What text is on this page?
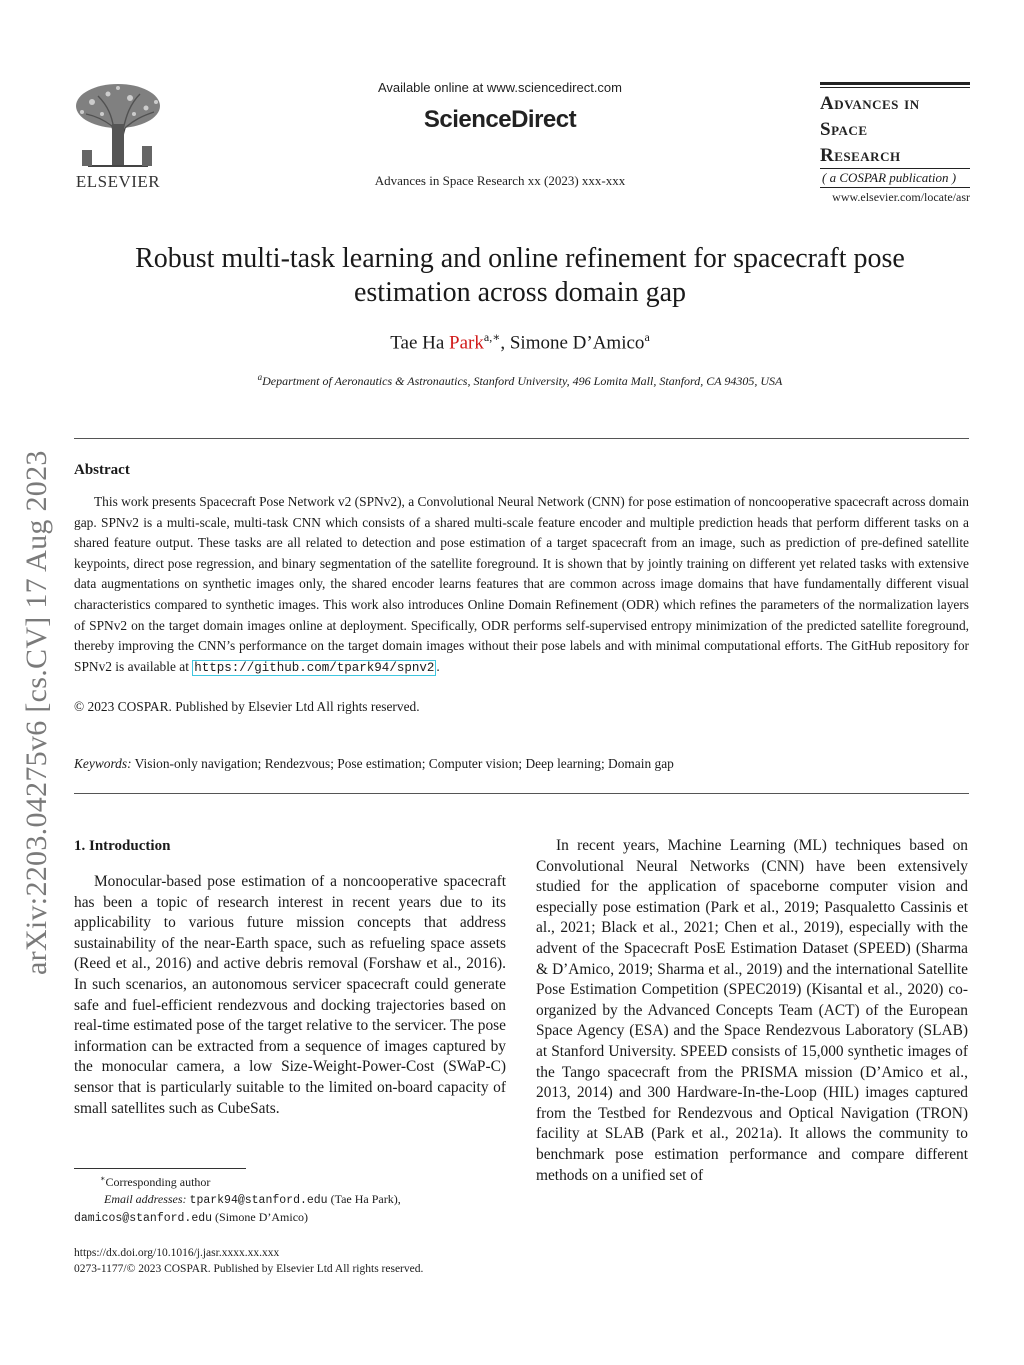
ELSEVIER
Available online at www.sciencedirect.com
ScienceDirect
Advances in Space Research xx (2023) xxx-xxx
Advances in
Space
Research
( a COSPAR publication )
www.elsevier.com/locate/asr
Robust multi-task learning and online refinement for spacecraft pose
estimation across domain gap
Tae Ha Park$^{a,∗}$, Simone D’Amico$^a$
$^a$Department of Aeronautics & Astronautics, Stanford University, 496 Lomita Mall, Stanford, CA 94305, USA
Abstract
This work presents Spacecraft Pose Network v2 (SPNv2), a Convolutional Neural Network (CNN) for pose estimation of noncooperative spacecraft across domain gap. SPNv2 is a multi-scale, multi-task CNN which consists of a shared multi-scale feature encoder and multiple prediction heads that perform different tasks on a shared feature output. These tasks are all related to detection and pose estimation of a target spacecraft from an image, such as prediction of pre-defined satellite keypoints, direct pose regression, and binary segmentation of the satellite foreground. It is shown that by jointly training on different yet related tasks with extensive data augmentations on synthetic images only, the shared encoder learns features that are common across image domains that have fundamentally different visual characteristics compared to synthetic images. This work also introduces Online Domain Refinement (ODR) which refines the parameters of the normalization layers of SPNv2 on the target domain images online at deployment. Specifically, ODR performs self-supervised entropy minimization of the predicted satellite foreground, thereby improving the CNN’s performance on the target domain images without their pose labels and with minimal computational efforts. The GitHub repository for SPNv2 is available at https://github.com/tpark94/spnv2 .
© 2023 COSPAR. Published by Elsevier Ltd All rights reserved.
Keywords: Vision-only navigation; Rendezvous; Pose estimation; Computer vision; Deep learning; Domain gap
1. Introduction
Monocular-based pose estimation of a noncooperative spacecraft has been a topic of research interest in recent years due to its applicability to various future mission concepts that address sustainability of the near-Earth space, such as refueling space assets (Reed et al., 2016) and active debris removal (Forshaw et al., 2016). In such scenarios, an autonomous servicer spacecraft could generate safe and fuel-efficient rendezvous and docking trajectories based on real-time estimated pose of the target relative to the servicer. The pose information can be extracted from a sequence of images captured by the monocular camera, a low Size-Weight-Power-Cost (SWaP-C) sensor that is particularly suitable to the limited on-board capacity of small satellites such as CubeSats.
In recent years, Machine Learning (ML) techniques based on Convolutional Neural Networks (CNN) have been extensively studied for the application of spaceborne computer vision and especially pose estimation (Park et al., 2019; Pasqualetto Cassinis et al., 2021; Black et al., 2021; Chen et al., 2019), especially with the advent of the Spacecraft PosE Estimation Dataset (SPEED) (Sharma & D’Amico, 2019; Sharma et al., 2019) and the international Satellite Pose Estimation Competition (SPEC2019) (Kisantal et al., 2020) co-organized by the Advanced Concepts Team (ACT) of the European Space Agency (ESA) and the Space Rendezvous Laboratory (SLAB) at Stanford University. SPEED consists of 15,000 synthetic images of the Tango spacecraft from the PRISMA mission (D’Amico et al., 2013, 2014) and 300 Hardware-In-the-Loop (HIL) images captured from the Testbed for Rendezvous and Optical Navigation (TRON) facility at SLAB (Park et al., 2021a). It allows the community to benchmark pose estimation performance and compare different methods on a unified set of
∗Corresponding author
Email addresses: tpark94@stanford.edu (Tae Ha Park), damicos@stanford.edu (Simone D’Amico)
https://dx.doi.org/10.1016/j.jasr.xxxx.xx.xxx
0273-1177/© 2023 COSPAR. Published by Elsevier Ltd All rights reserved.
arXiv:2203.04275v6 [cs.CV] 17 Aug 2023
